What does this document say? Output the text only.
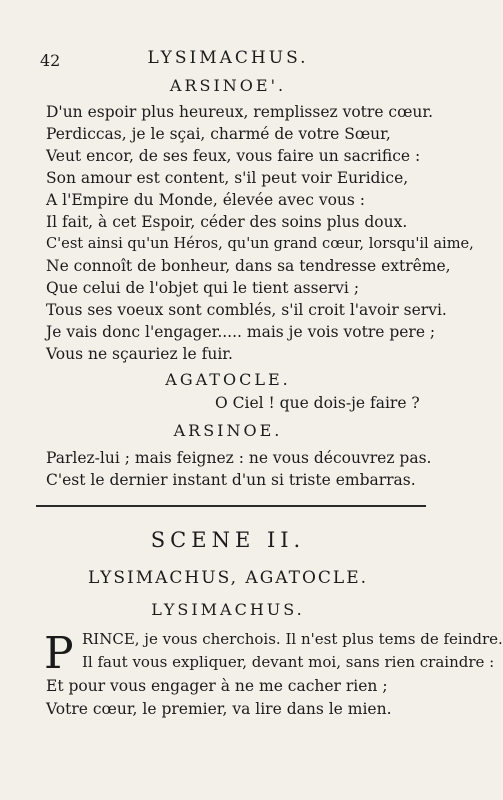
42	LYSIMACHUS.
ARSINOE'.
D'un espoir plus heureux, remplissez votre cœur.
Perdiccas, je le sçai, charmé de votre Sœur,
Veut encor, de ses feux, vous faire un sacrifice :
Son amour est content, s'il peut voir Euridice,
A l'Empire du Monde, élevée avec vous :
Il fait, à cet Espoir, céder des soins plus doux.
C'est ainsi qu'un Héros, qu'un grand cœur, lorsqu'il aime,
Ne connoît de bonheur, dans sa tendresse extrême,
Que celui de l'objet qui le tient asservi ;
Tous ses voeux sont comblés, s'il croit l'avoir servi.
Je vais donc l'engager..... mais je vois votre pere ;
Vous ne sçauriez le fuir.
AGATOCLE.
O Ciel ! que dois-je faire ?
ARSINOE.
Parlez-lui ; mais feignez : ne vous découvrez pas.
C'est le dernier instant d'un si triste embarras.
SCENE II.
LYSIMACHUS, AGATOCLE.
LYSIMACHUS.
P RINCE, je vous cherchois. Il n'est plus tems de feindre.
Il faut vous expliquer, devant moi, sans rien craindre :
Et pour vous engager à ne me cacher rien ;
Votre cœur, le premier, va lire dans le mien.
